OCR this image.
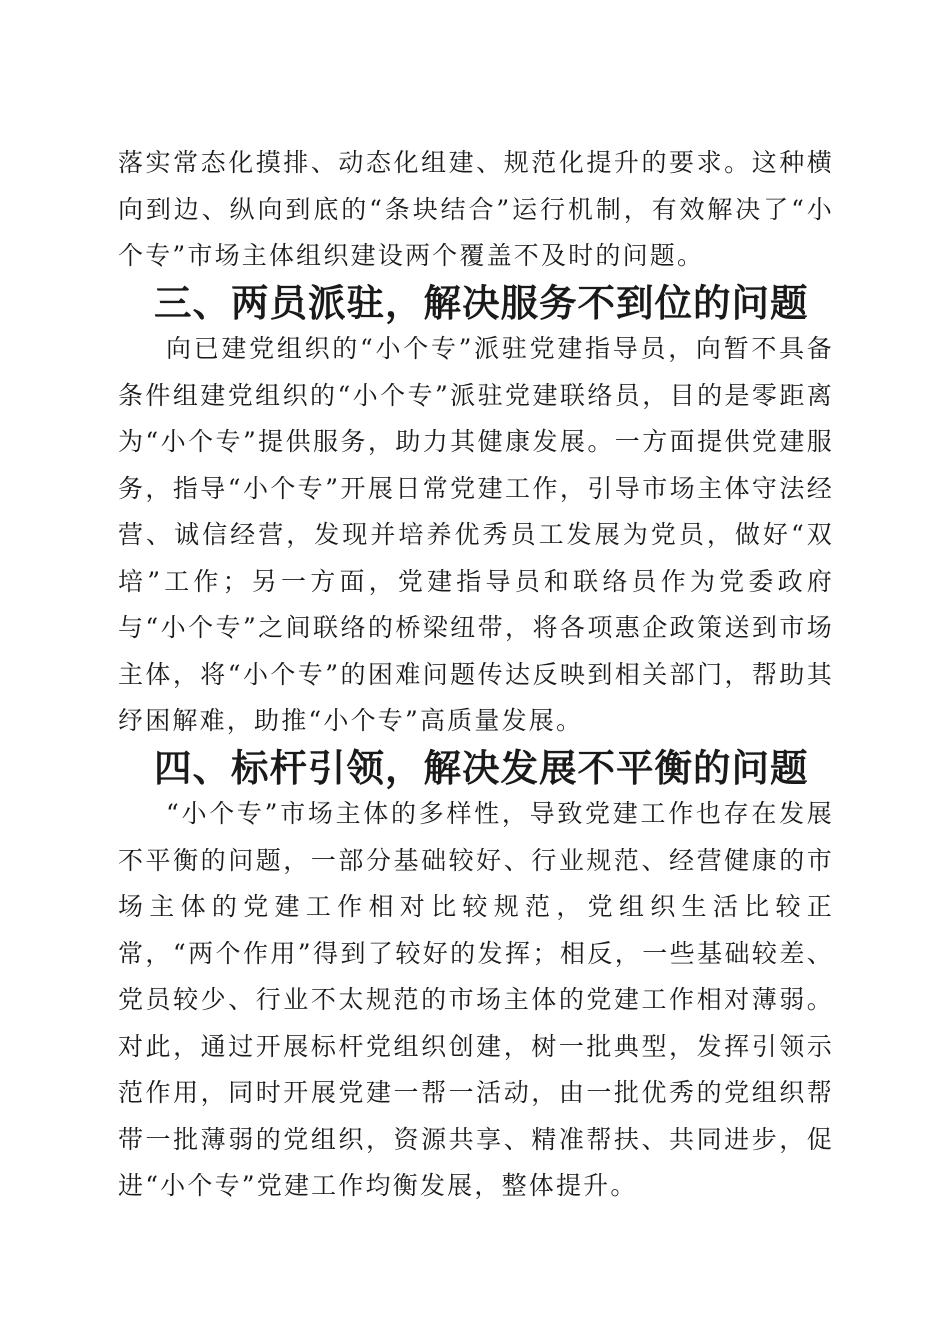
落实常态化摸排、动态化组建、规范化提升的要求。这种横向到边、纵向到底的“条块结合”运行机制，有效解决了“小个专”市场主体组织建设两个覆盖不及时的问题。

三、两员派驻，解决服务不到位的问题

向已建党组织的“小个专”派驻党建指导员，向暂不具备条件组建党组织的“小个专”派驻党建联络员，目的是零距离为“小个专”提供服务，助力其健康发展。一方面提供党建服务，指导“小个专”开展日常党建工作，引导市场主体守法经营、诚信经营，发现并培养优秀员工发展为党员，做好“双培”工作；另一方面，党建指导员和联络员作为党委政府与“小个专”之间联络的桥梁纽带，将各项惠企政策送到市场主体，将“小个专”的困难问题传达反映到相关部门，帮助其纾困解难，助推“小个专”高质量发展。

四、标杆引领，解决发展不平衡的问题

“小个专”市场主体的多样性，导致党建工作也存在发展不平衡的问题，一部分基础较好、行业规范、经营健康的市场主体的党建工作相对比较规范，党组织生活比较正常，“两个作用”得到了较好的发挥；相反，一些基础较差、党员较少、行业不太规范的市场主体的党建工作相对薄弱。对此，通过开展标杆党组织创建，树一批典型，发挥引领示范作用，同时开展党建一帮一活动，由一批优秀的党组织帮带一批薄弱的党组织，资源共享、精准帮扶、共同进步，促进“小个专”党建工作均衡发展，整体提升。
